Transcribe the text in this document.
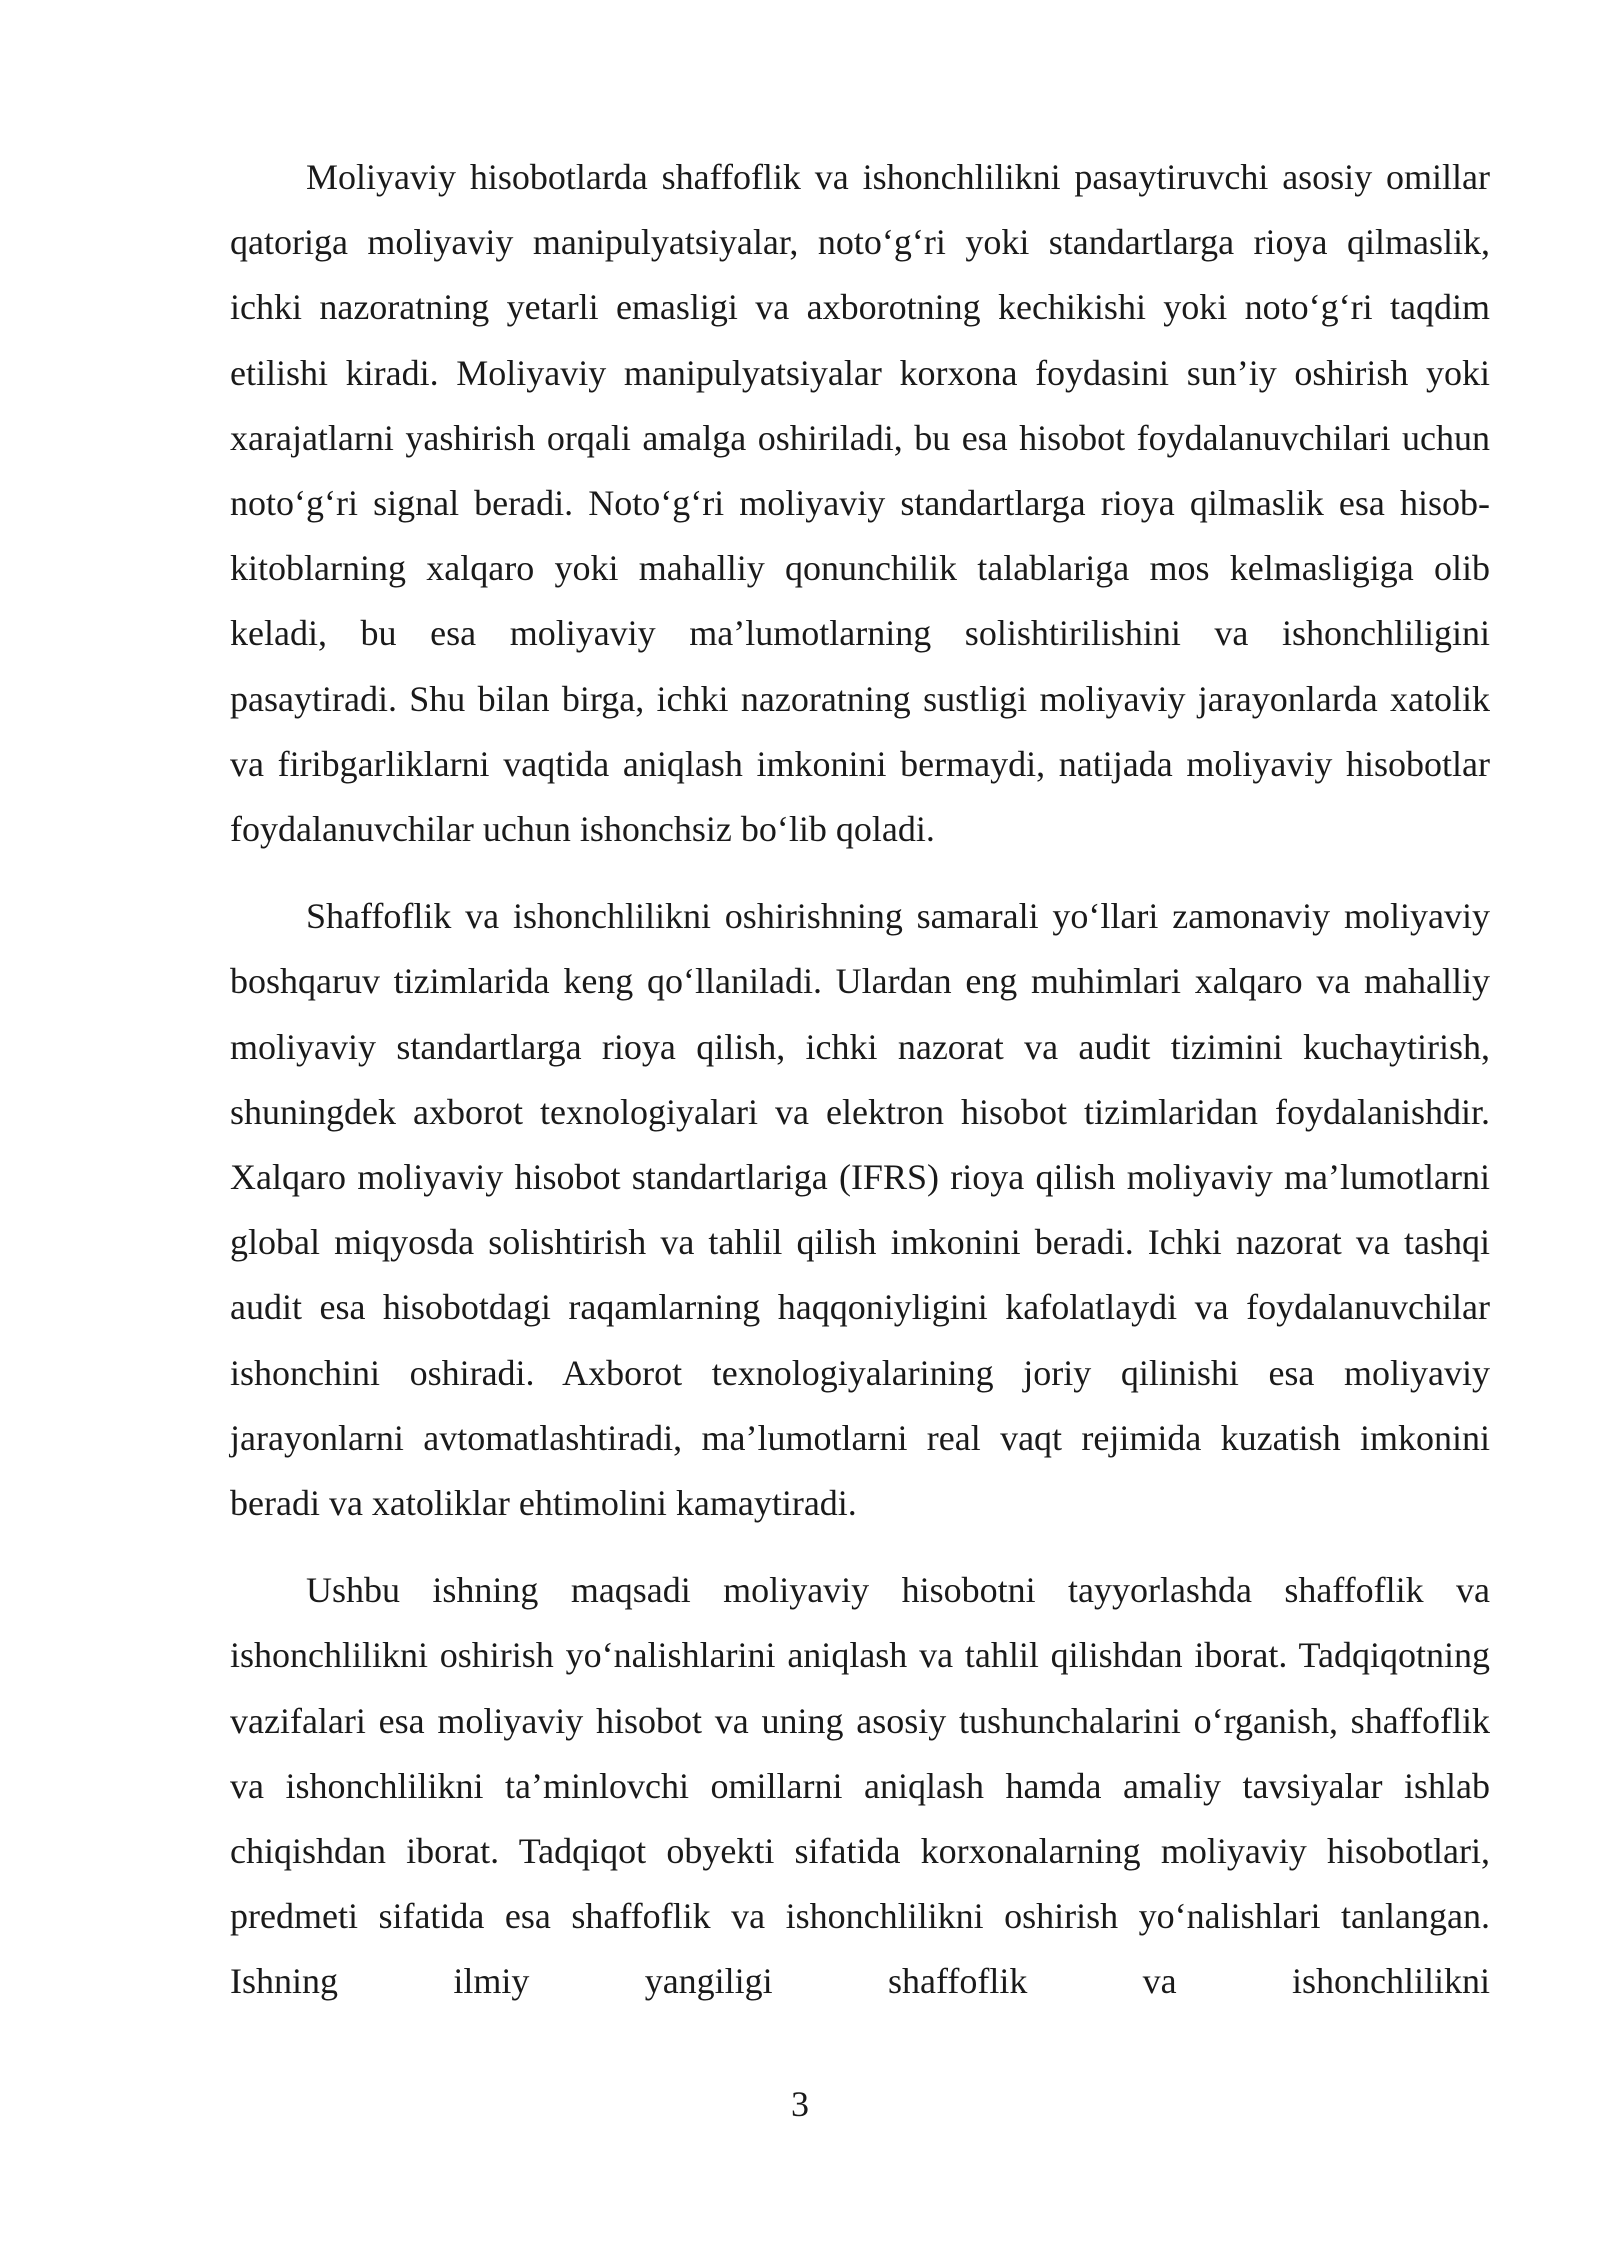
Moliyaviy hisobotlarda shaffoflik va ishonchlilikni pasaytiruvchi asosiy omillar qatoriga moliyaviy manipulyatsiyalar, noto‘g‘ri yoki standartlarga rioya qilmaslik, ichki nazoratning yetarli emasligi va axborotning kechikishi yoki noto‘g‘ri taqdim etilishi kiradi. Moliyaviy manipulyatsiyalar korxona foydasini sun’iy oshirish yoki xarajatlarni yashirish orqali amalga oshiriladi, bu esa hisobot foydalanuvchilari uchun noto‘g‘ri signal beradi. Noto‘g‘ri moliyaviy standartlarga rioya qilmaslik esa hisob-kitoblarning xalqaro yoki mahalliy qonunchilik talablariga mos kelmasligiga olib keladi, bu esa moliyaviy ma’lumotlarning solishtirilishini va ishonchliligini pasaytiradi. Shu bilan birga, ichki nazoratning sustligi moliyaviy jarayonlarda xatolik va firibgarliklarni vaqtida aniqlash imkonini bermaydi, natijada moliyaviy hisobotlar foydalanuvchilar uchun ishonchsiz bo‘lib qoladi.

Shaffoflik va ishonchlilikni oshirishning samarali yo‘llari zamonaviy moliyaviy boshqaruv tizimlarida keng qo‘llaniladi. Ulardan eng muhimlari xalqaro va mahalliy moliyaviy standartlarga rioya qilish, ichki nazorat va audit tizimini kuchaytirish, shuningdek axborot texnologiyalari va elektron hisobot tizimlaridan foydalanishdir. Xalqaro moliyaviy hisobot standartlariga (IFRS) rioya qilish moliyaviy ma’lumotlarni global miqyosda solishtirish va tahlil qilish imkonini beradi. Ichki nazorat va tashqi audit esa hisobotdagi raqamlarning haqqoniyligini kafolatlaydi va foydalanuvchilar ishonchini oshiradi. Axborot texnologiyalarining joriy qilinishi esa moliyaviy jarayonlarni avtomatlashtiradi, ma’lumotlarni real vaqt rejimida kuzatish imkonini beradi va xatoliklar ehtimolini kamaytiradi.

Ushbu ishning maqsadi moliyaviy hisobotni tayyorlashda shaffoflik va ishonchlilikni oshirish yo‘nalishlarini aniqlash va tahlil qilishdan iborat. Tadqiqotning vazifalari esa moliyaviy hisobot va uning asosiy tushunchalarini o‘rganish, shaffoflik va ishonchlilikni ta’minlovchi omillarni aniqlash hamda amaliy tavsiyalar ishlab chiqishdan iborat. Tadqiqot obyekti sifatida korxonalarning moliyaviy hisobotlari, predmeti sifatida esa shaffoflik va ishonchlilikni oshirish yo‘nalishlari tanlangan. Ishning ilmiy yangiligi shaffoflik va ishonchlilikni

3
